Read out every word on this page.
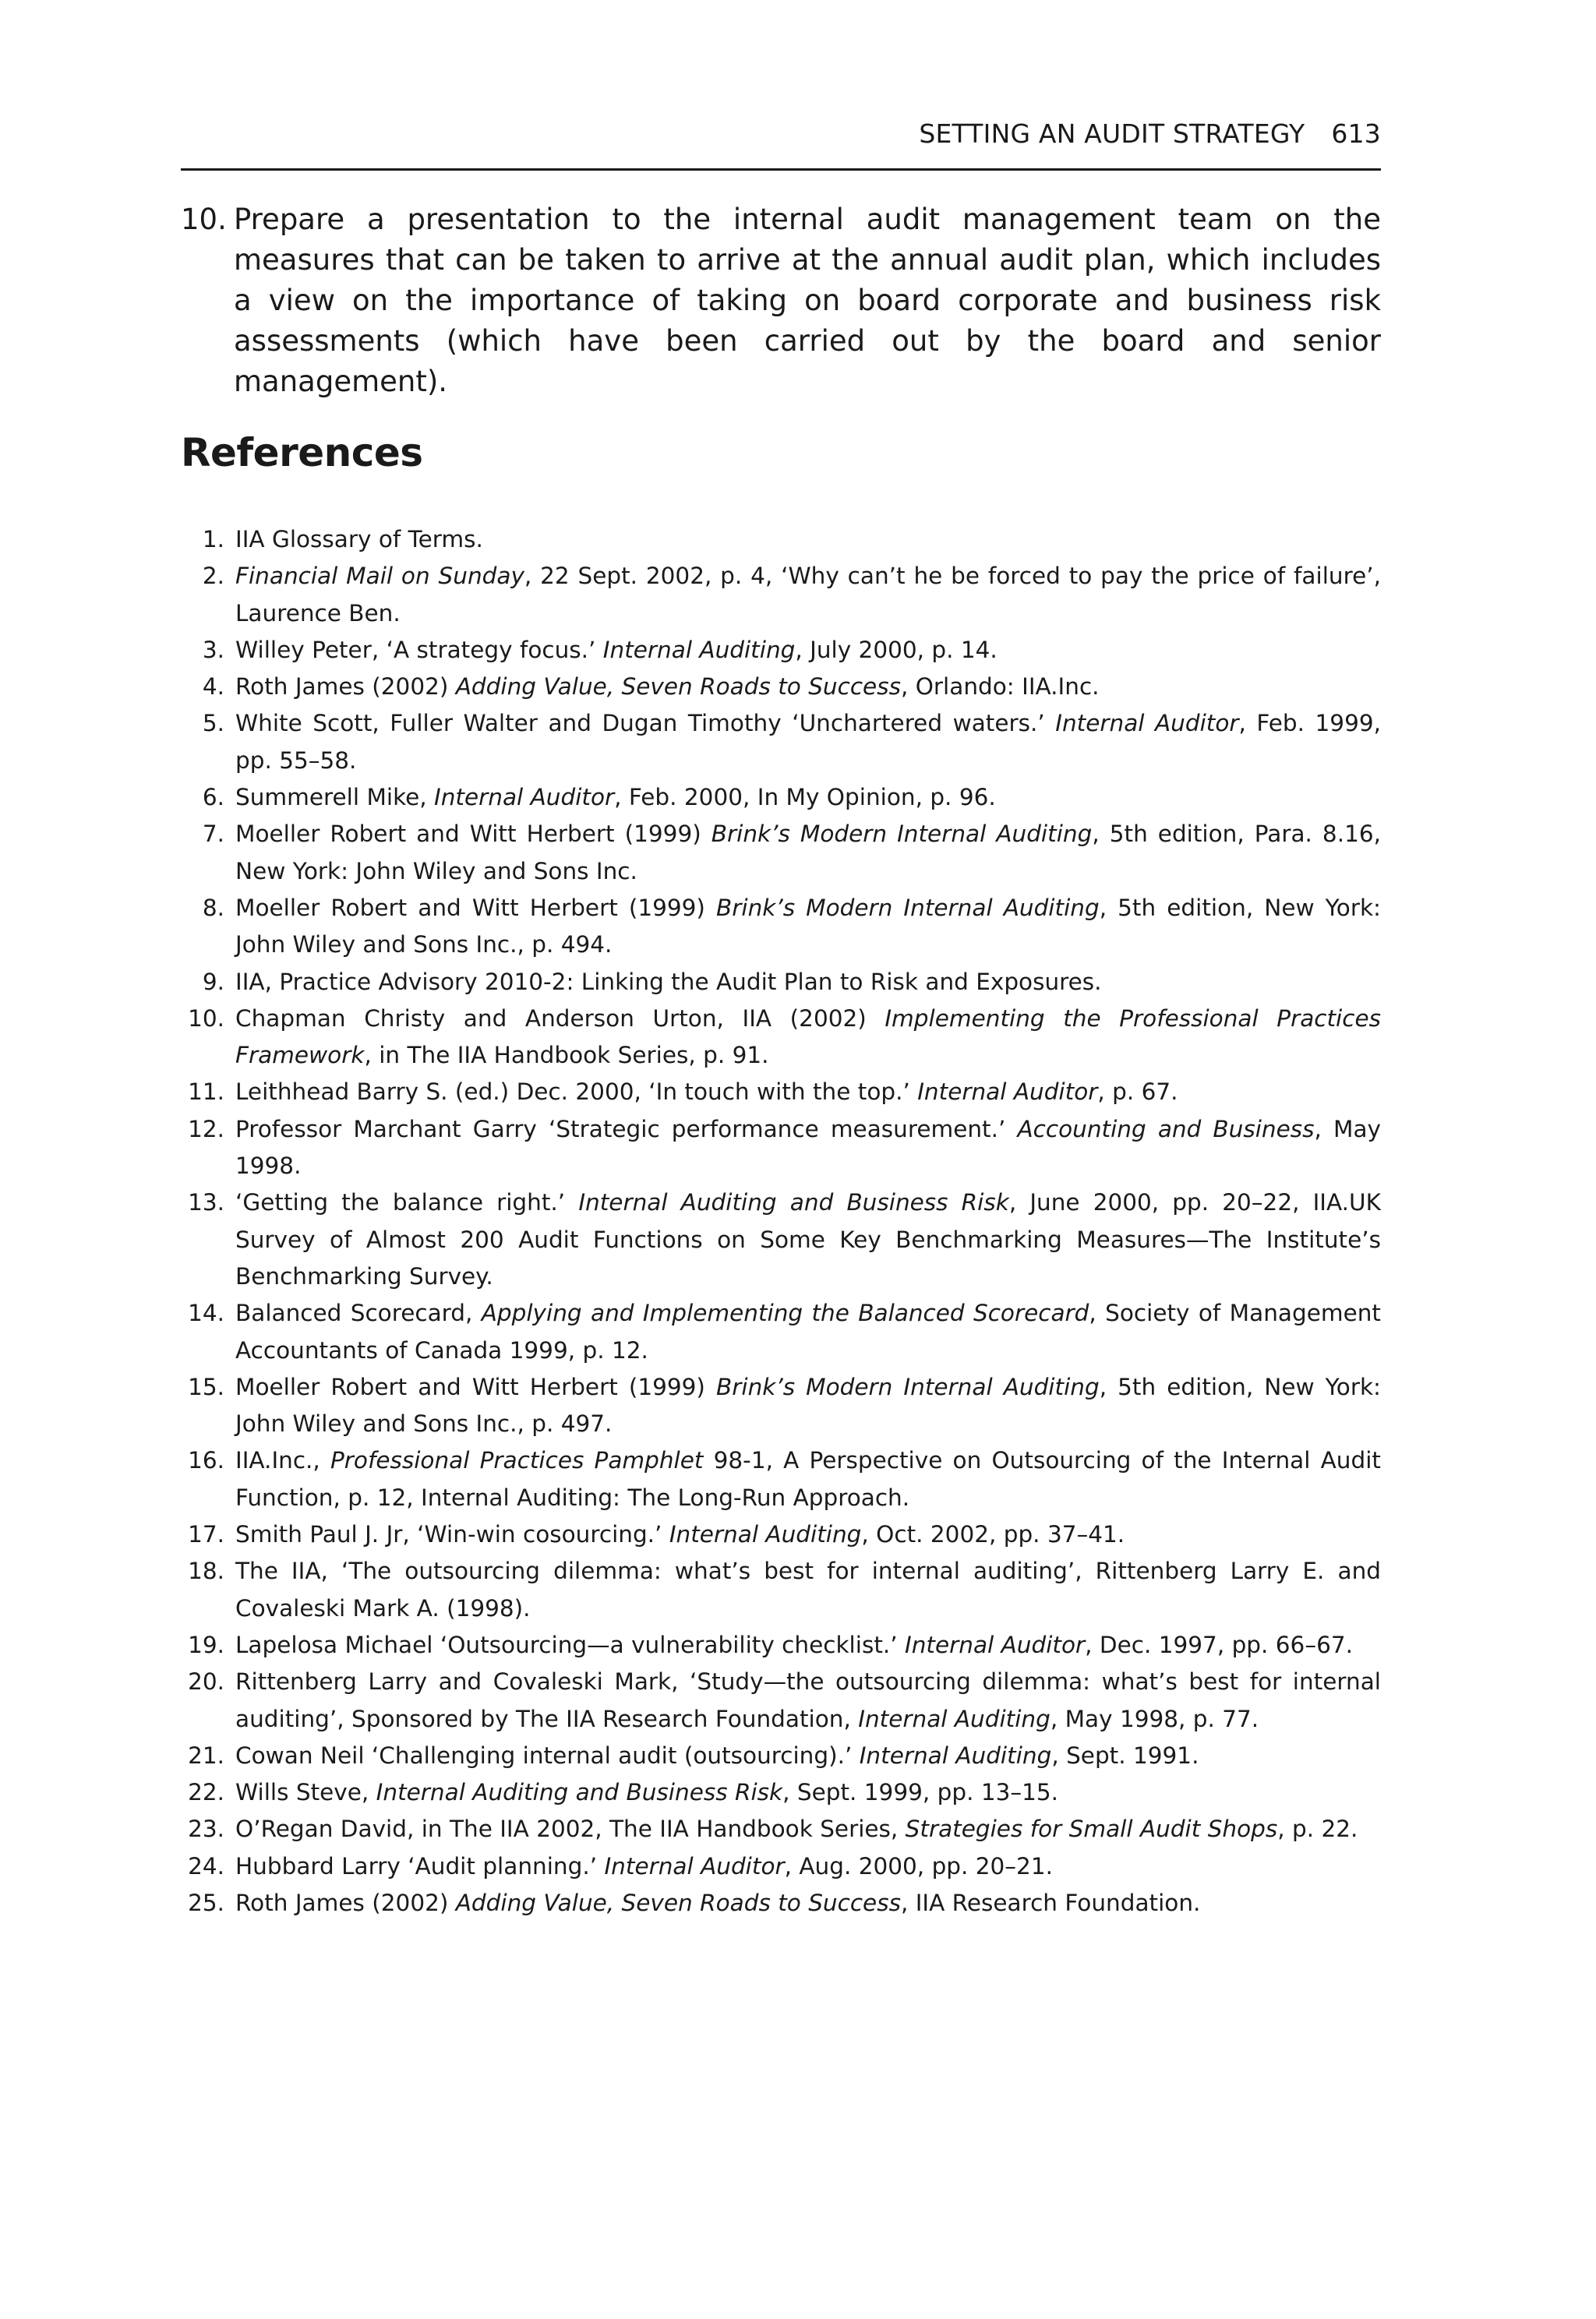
SETTING AN AUDIT STRATEGY 613
10. Prepare a presentation to the internal audit management team on the measures that can be taken to arrive at the annual audit plan, which includes a view on the importance of taking on board corporate and business risk assessments (which have been carried out by the board and senior management).
References
1. IIA Glossary of Terms.
2. Financial Mail on Sunday, 22 Sept. 2002, p. 4, ‘Why can’t he be forced to pay the price of failure’, Laurence Ben.
3. Willey Peter, ‘A strategy focus.’ Internal Auditing, July 2000, p. 14.
4. Roth James (2002) Adding Value, Seven Roads to Success, Orlando: IIA.Inc.
5. White Scott, Fuller Walter and Dugan Timothy ‘Unchartered waters.’ Internal Auditor, Feb. 1999, pp. 55–58.
6. Summerell Mike, Internal Auditor, Feb. 2000, In My Opinion, p. 96.
7. Moeller Robert and Witt Herbert (1999) Brink’s Modern Internal Auditing, 5th edition, Para. 8.16, New York: John Wiley and Sons Inc.
8. Moeller Robert and Witt Herbert (1999) Brink’s Modern Internal Auditing, 5th edition, New York: John Wiley and Sons Inc., p. 494.
9. IIA, Practice Advisory 2010-2: Linking the Audit Plan to Risk and Exposures.
10. Chapman Christy and Anderson Urton, IIA (2002) Implementing the Professional Practices Framework, in The IIA Handbook Series, p. 91.
11. Leithhead Barry S. (ed.) Dec. 2000, ‘In touch with the top.’ Internal Auditor, p. 67.
12. Professor Marchant Garry ‘Strategic performance measurement.’ Accounting and Business, May 1998.
13. ‘Getting the balance right.’ Internal Auditing and Business Risk, June 2000, pp. 20–22, IIA.UK Survey of Almost 200 Audit Functions on Some Key Benchmarking Measures—The Institute’s Benchmarking Survey.
14. Balanced Scorecard, Applying and Implementing the Balanced Scorecard, Society of Management Accountants of Canada 1999, p. 12.
15. Moeller Robert and Witt Herbert (1999) Brink’s Modern Internal Auditing, 5th edition, New York: John Wiley and Sons Inc., p. 497.
16. IIA.Inc., Professional Practices Pamphlet 98-1, A Perspective on Outsourcing of the Internal Audit Function, p. 12, Internal Auditing: The Long-Run Approach.
17. Smith Paul J. Jr, ‘Win-win cosourcing.’ Internal Auditing, Oct. 2002, pp. 37–41.
18. The IIA, ‘The outsourcing dilemma: what’s best for internal auditing’, Rittenberg Larry E. and Covaleski Mark A. (1998).
19. Lapelosa Michael ‘Outsourcing—a vulnerability checklist.’ Internal Auditor, Dec. 1997, pp. 66–67.
20. Rittenberg Larry and Covaleski Mark, ‘Study—the outsourcing dilemma: what’s best for internal auditing’, Sponsored by The IIA Research Foundation, Internal Auditing, May 1998, p. 77.
21. Cowan Neil ‘Challenging internal audit (outsourcing).’ Internal Auditing, Sept. 1991.
22. Wills Steve, Internal Auditing and Business Risk, Sept. 1999, pp. 13–15.
23. O’Regan David, in The IIA 2002, The IIA Handbook Series, Strategies for Small Audit Shops, p. 22.
24. Hubbard Larry ‘Audit planning.’ Internal Auditor, Aug. 2000, pp. 20–21.
25. Roth James (2002) Adding Value, Seven Roads to Success, IIA Research Foundation.
